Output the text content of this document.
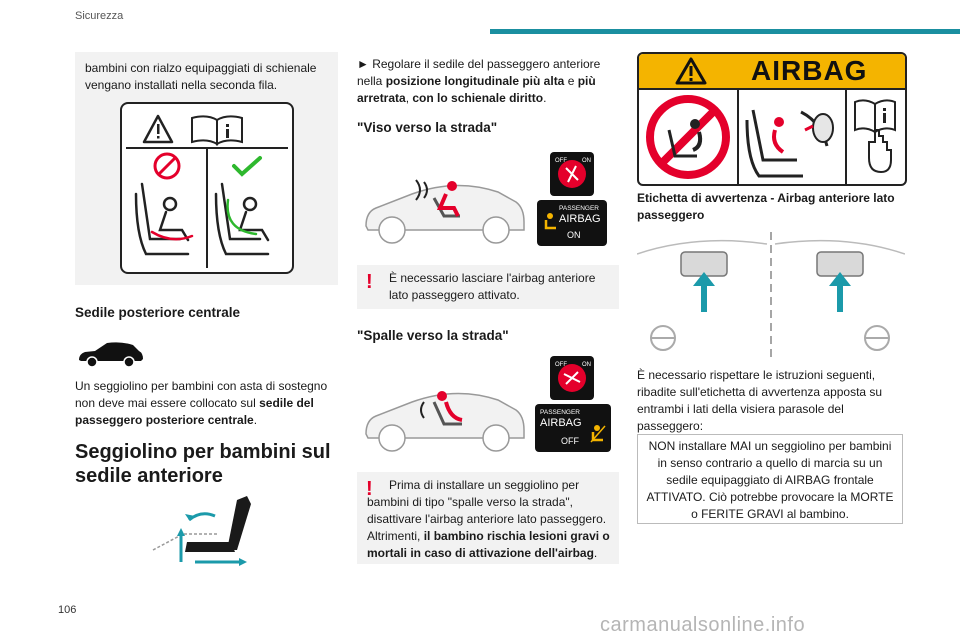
Sicurezza

bambini con rialzo equipaggiati di schienale vengano installati nella seconda fila.

Sedile posteriore centrale

Un seggiolino per bambini con asta di sostegno non deve mai essere collocato sul sedile del passeggero posteriore centrale.

Seggiolino per bambini sul sedile anteriore
106

► Regolare il sedile del passeggero anteriore nella posizione longitudinale più alta e più arretrata, con lo schienale diritto.

"Viso verso la strada"
OFF	ON
PASSENGER
AIRBAG
ON
! È necessario lasciare l'airbag anteriore lato passeggero attivato.

"Spalle verso la strada"
OFF	ON
PASSENGER
AIRBAG
OFF
!	Prima di installare un seggiolino per bambini di tipo "spalle verso la strada", disattivare l'airbag anteriore lato passeggero. Altrimenti, il bambino rischia lesioni gravi o mortali in caso di attivazione dell'airbag.

AIRBAG
Etichetta di avvertenza - Airbag anteriore lato passeggero

È necessario rispettare le istruzioni seguenti, ribadite sull'etichetta di avvertenza apposta su entrambi i lati della visiera parasole del passeggero:

NON installare MAI un seggiolino per bambini in senso contrario a quello di marcia su un sedile equipaggiato di AIRBAG frontale ATTIVATO. Ciò potrebbe provocare la MORTE o FERITE GRAVI al bambino.

carmanualsonline.info
